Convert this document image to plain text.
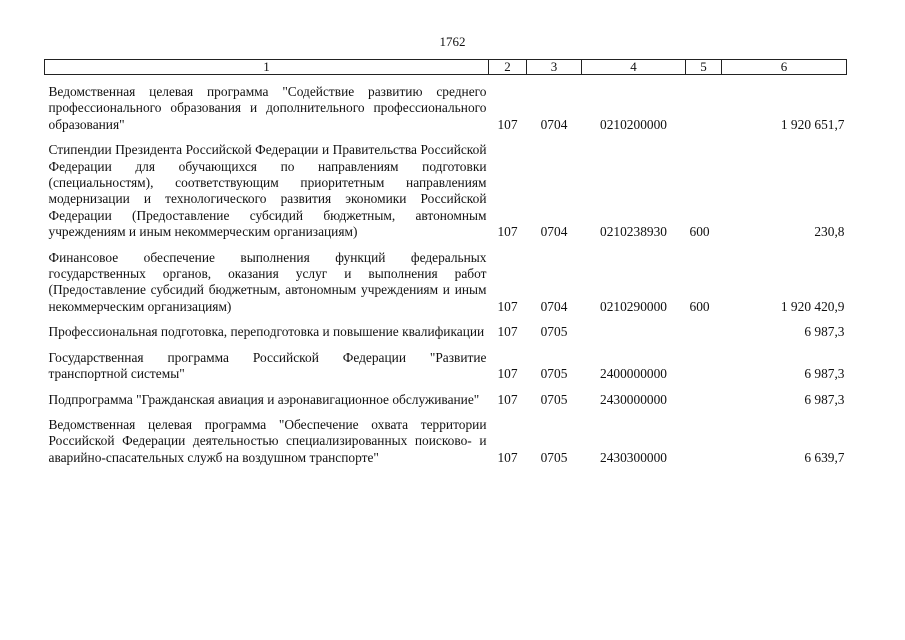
1762
1	2	3	4	5	6

Ведомственная целевая программа "Содействие развитию среднего профессионального образования и дополнительного профессионального образования"	107	0704	0210200000		1 920 651,7

Стипендии Президента Российской Федерации и Правительства Российской Федерации для обучающихся по направлениям подготовки (специальностям), соответствующим приоритетным направлениям модернизации и технологического развития экономики Российской Федерации (Предоставление субсидий бюджетным, автономным учреждениям и иным некоммерческим организациям)	107	0704	0210238930	600	230,8

Финансовое обеспечение выполнения функций федеральных государственных органов, оказания услуг и выполнения работ (Предоставление субсидий бюджетным, автономным учреждениям и иным некоммерческим организациям)	107	0704	0210290000	600	1 920 420,9

Профессиональная подготовка, переподготовка и повышение квалификации	107	0705			6 987,3

Государственная программа Российской Федерации "Развитие транспортной системы"	107	0705	2400000000		6 987,3

Подпрограмма "Гражданская авиация и аэронавигационное обслуживание"	107	0705	2430000000		6 987,3

Ведомственная целевая программа "Обеспечение охвата территории Российской Федерации деятельностью специализированных поисково- и аварийно-спасательных служб на воздушном транспорте"	107	0705	2430300000		6 639,7
